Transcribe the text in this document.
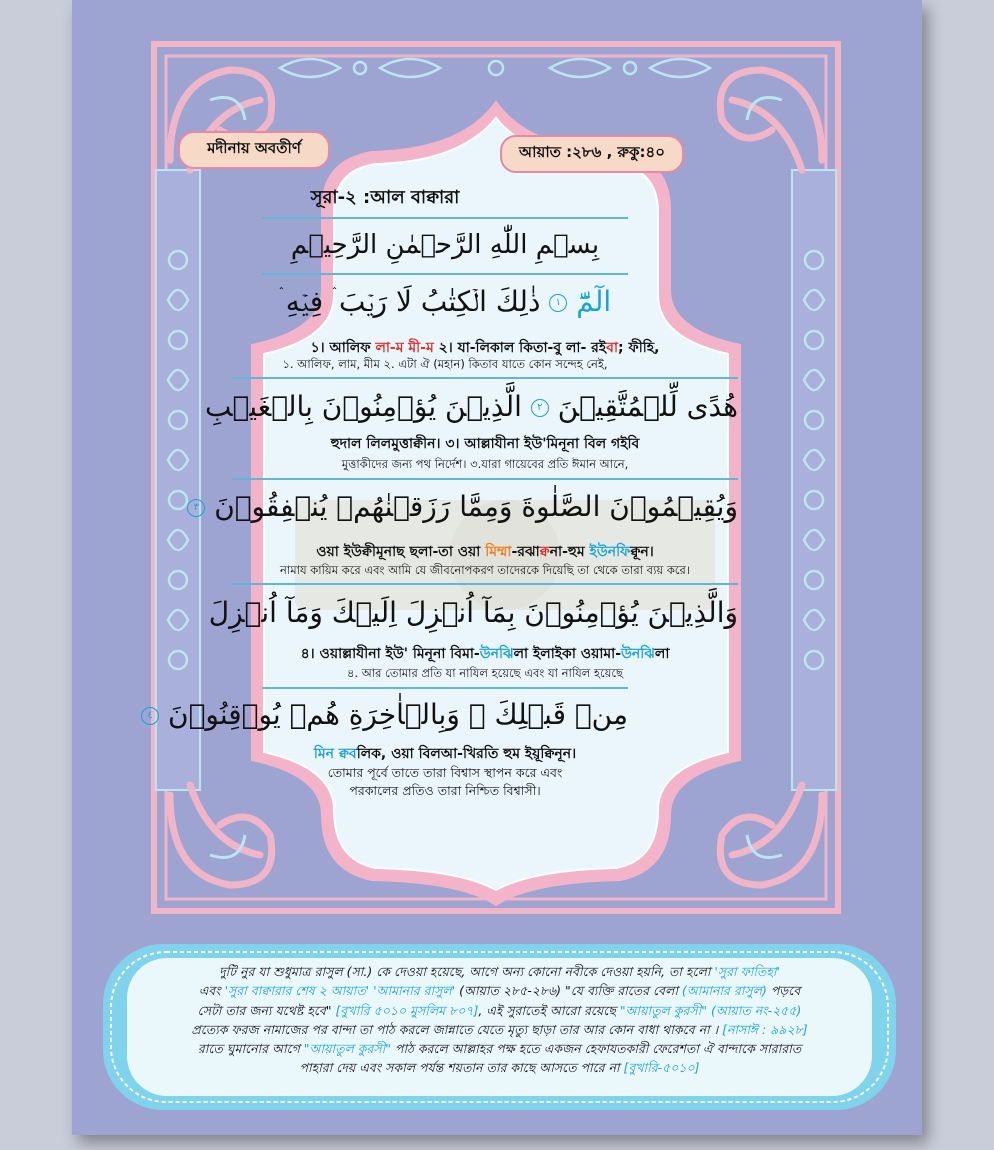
মদীনায় অবতীর্ণ	আয়াত :২৮৬ , রুকু:৪০
সূরা-২ :আল বাক্বারা
بِسۡمِ اللّٰهِ الرَّحۡمٰنِ الرَّحِيۡمِ
الٓمّٓ ١ ذٰلِكَ الۡكِتٰبُ لَا رَيۡبَ ۛ فِيۡهِ ۛ
১। আলিফ লা-ম মী-ম ২। যা-লিকাল কিতা-বু লা- রইবা; ফীহি,
১. আলিফ, লাম, মীম ২. এটা ঐ (মহান) কিতাব যাতে কোন সন্দেহ নেই,
هُدًى لِّلۡمُتَّقِيۡنَ ٢ الَّذِيۡنَ يُؤۡمِنُوۡنَ بِالۡغَيۡبِ
হুদাল লিলমুত্তাক্বীন। ৩। আল্লাযীনা ইউ'মিনূনা বিল গইবি
মুত্তাকীদের জন্য পথ নির্দেশ। ৩.যারা গায়েবের প্রতি ঈমান আনে,
وَيُقِيۡمُوۡنَ الصَّلٰوةَ وَمِمَّا رَزَقۡنٰهُمۡ يُنۡفِقُوۡنَ ٣
ওয়া ইউক্বীমূনাছ ছলা-তা ওয়া মিম্মা-রঝাক্বনা-হুম ইউনফিক্বূন।
নামায কায়িম করে এবং আমি যে জীবনোপকরণ তাদেরকে দিয়েছি তা থেকে তারা ব্যয় করে।
وَالَّذِيۡنَ يُؤۡمِنُوۡنَ بِمَآ اُنۡزِلَ اِلَيۡكَ وَمَآ اُنۡزِلَ
৪। ওয়াল্লাযীনা ইউ' মিনূনা বিমা-উনঝিলা ইলাইকা ওয়ামা-উনঝিলা
৪. আর তোমার প্রতি যা নাযিল হয়েছে এবং যা নাযিল হয়েছে
مِنۡ قَبۡلِكَ ۚ وَبِالۡاٰخِرَةِ هُمۡ يُوۡقِنُوۡنَ ٤
মিন ক্ববলিক, ওয়া বিলআ-খিরতি হুম ইয়ূক্বিনূন।
তোমার পূর্বে তাতে তারা বিশ্বাস স্থাপন করে এবং
পরকালের প্রতিও তারা নিশ্চিত বিশ্বাসী।
দুটি নুর যা শুধুমাত্র রাসুল (সা.) কে দেওয়া হয়েছে, আগে অন্য কোনো নবীকে দেওয়া হয়নি, তা হলো 'সুরা ফাতিহা'
এবং 'সুরা বাক্বারার শেষ ২ আয়াত' 'আমানার রাসুল' (আয়াত ২৮৫-২৮৬) "যে ব্যক্তি রাতের বেলা (আমানার রাসুল) পড়বে
সেটা তার জন্য যথেষ্ট হবে" [বুখারি ৫০১০ মুসলিম ৮০৭], এই সুরাতেই আরো রয়েছে "আয়াতুল কুরসী" (আয়াত নং-২৫৫)
প্রত্যেক ফরজ নামাজের পর বান্দা তা পাঠ করলে জান্নাতে যেতে মৃত্যু ছাড়া তার আর কোন বাধা থাকবে না । [নাসাঈ : ৯৯২৮]
রাতে ঘুমানোর আগে "আয়াতুল কুরসী" পাঠ করলে আল্লাহর পক্ষ হতে একজন হেফাযতকারী ফেরেশতা ঐ বান্দাকে সারারাত
পাহারা দেয় এবং সকাল পর্যন্ত শয়তান তার কাছে আসতে পারে না [বুখারি-৫০১০]
